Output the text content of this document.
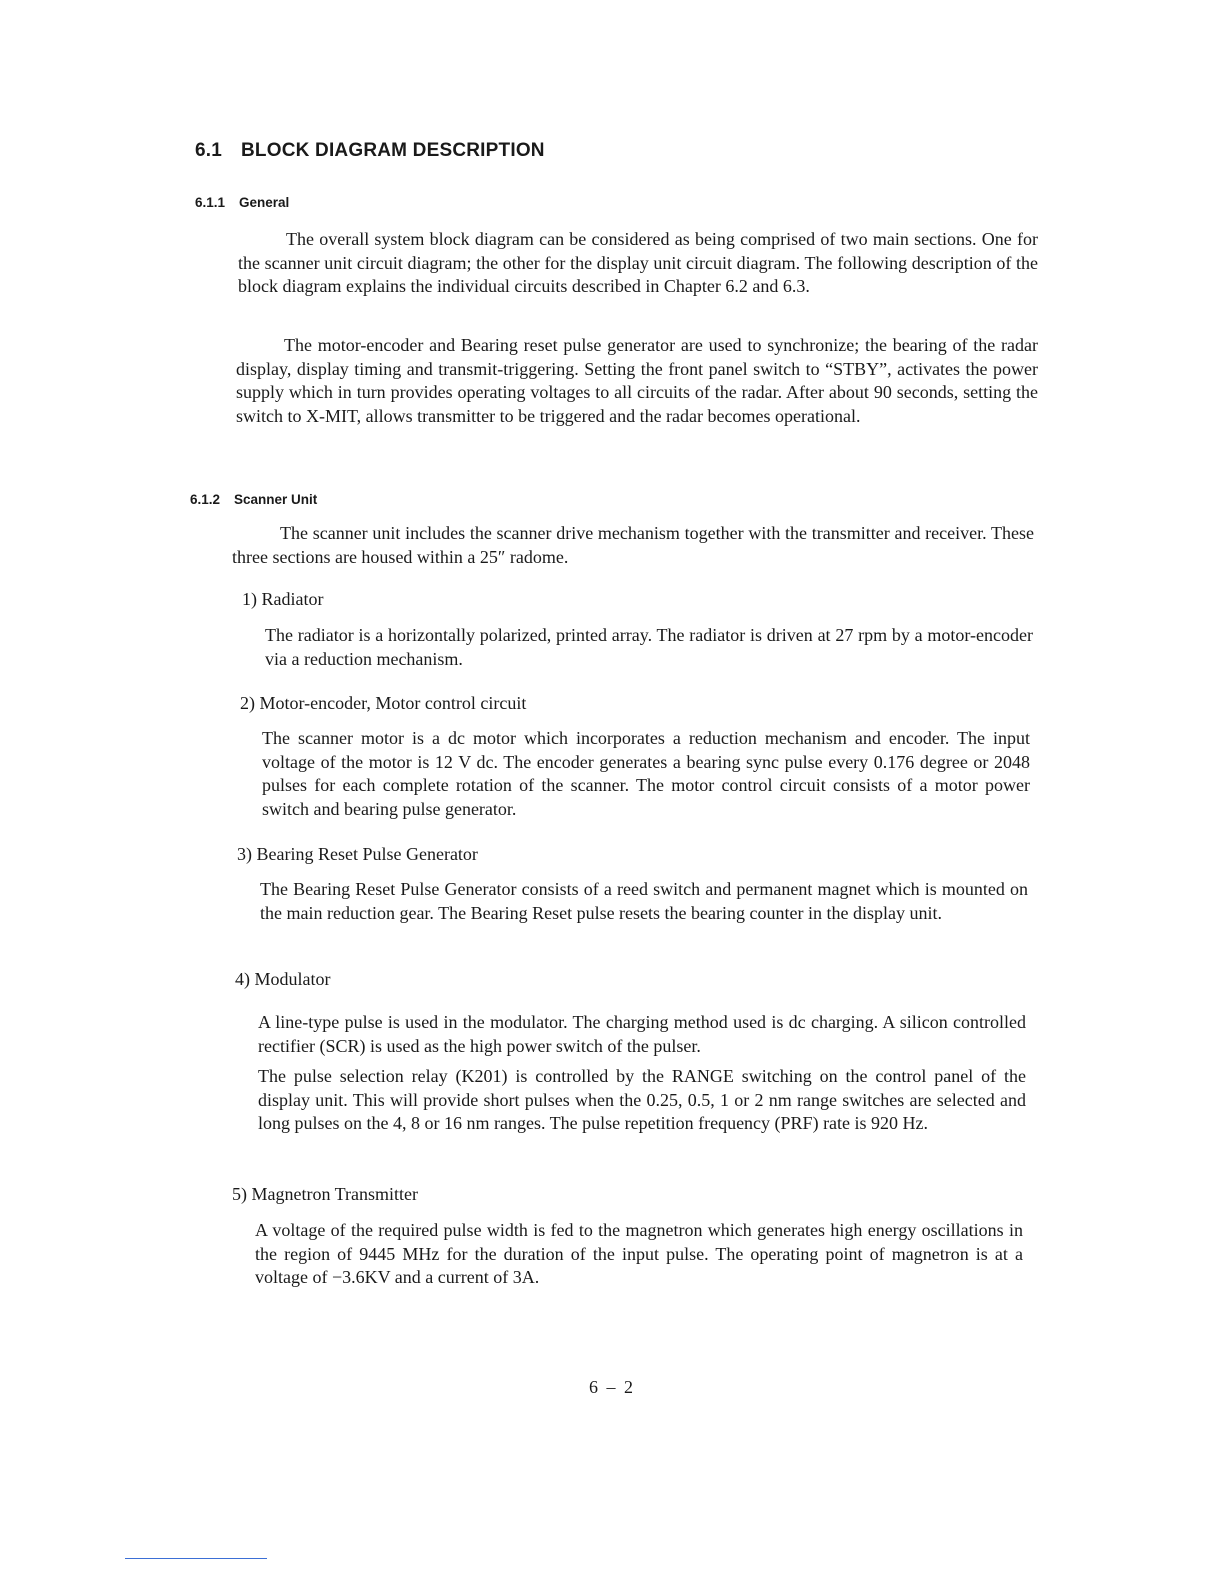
6.1 BLOCK DIAGRAM DESCRIPTION
6.1.1 General

The overall system block diagram can be considered as being comprised of two main sections. One for the scanner unit circuit diagram; the other for the display unit circuit diagram. The following description of the block diagram explains the individual circuits described in Chapter 6.2 and 6.3.

The motor-encoder and Bearing reset pulse generator are used to synchronize; the bearing of the radar display, display timing and transmit-triggering. Setting the front panel switch to “STBY”, activates the power supply which in turn provides operating voltages to all circuits of the radar. After about 90 seconds, setting the switch to X-MIT, allows transmitter to be triggered and the radar becomes operational.

6.1.2 Scanner Unit

The scanner unit includes the scanner drive mechanism together with the transmitter and receiver. These three sections are housed within a 25″ radome.

1) Radiator

The radiator is a horizontally polarized, printed array. The radiator is driven at 27 rpm by a motor-encoder via a reduction mechanism.

2) Motor-encoder, Motor control circuit

The scanner motor is a dc motor which incorporates a reduction mechanism and encoder. The input voltage of the motor is 12 V dc. The encoder generates a bearing sync pulse every 0.176 degree or 2048 pulses for each complete rotation of the scanner. The motor control circuit consists of a motor power switch and bearing pulse generator.

3) Bearing Reset Pulse Generator

The Bearing Reset Pulse Generator consists of a reed switch and permanent magnet which is mounted on the main reduction gear. The Bearing Reset pulse resets the bearing counter in the display unit.

4) Modulator

A line-type pulse is used in the modulator. The charging method used is dc charging. A silicon controlled rectifier (SCR) is used as the high power switch of the pulser.

The pulse selection relay (K201) is controlled by the RANGE switching on the control panel of the display unit. This will provide short pulses when the 0.25, 0.5, 1 or 2 nm range switches are selected and long pulses on the 4, 8 or 16 nm ranges. The pulse repetition frequency (PRF) rate is 920 Hz.

5) Magnetron Transmitter

A voltage of the required pulse width is fed to the magnetron which generates high energy oscillations in the region of 9445 MHz for the duration of the input pulse. The operating point of magnetron is at a voltage of −3.6KV and a current of 3A.

6 – 2
